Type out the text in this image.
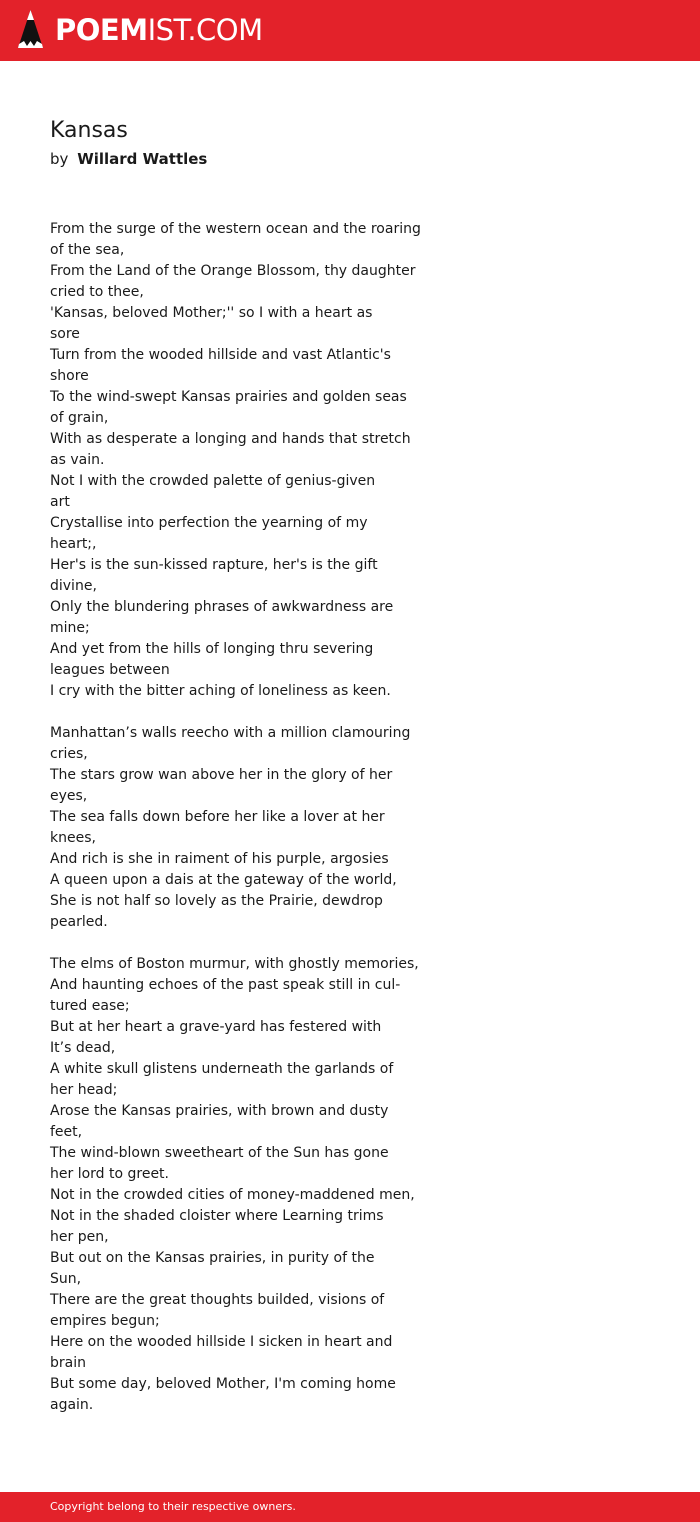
POEMIST.COM
Kansas
by Willard Wattles
From the surge of the western ocean and the roaring
of the sea,
From the Land of the Orange Blossom, thy daughter
cried to thee,
'Kansas, beloved Mother;'' so I with a heart as
sore
Turn from the wooded hillside and vast Atlantic's
shore
To the wind-swept Kansas prairies and golden seas
of grain,
With as desperate a longing and hands that stretch
as vain.
Not I with the crowded palette of genius-given
art
Crystallise into perfection the yearning of my
heart;,
Her's is the sun-kissed rapture, her's is the gift
divine,
Only the blundering phrases of awkwardness are
mine;
And yet from the hills of longing thru severing
leagues between
I cry with the bitter aching of loneliness as keen.
Manhattan’s walls reecho with a million clamouring
cries,
The stars grow wan above her in the glory of her
eyes,
The sea falls down before her like a lover at her
knees,
And rich is she in raiment of his purple, argosies
A queen upon a dais at the gateway of the world,
She is not half so lovely as the Prairie, dewdrop
pearled.
The elms of Boston murmur, with ghostly memories,
And haunting echoes of the past speak still in cul-
tured ease;
But at her heart a grave-yard has festered with
It’s dead,
A white skull glistens underneath the garlands of
her head;
Arose the Kansas prairies, with brown and dusty
feet,
The wind-blown sweetheart of the Sun has gone
her lord to greet.
Not in the crowded cities of money-maddened men,
Not in the shaded cloister where Learning trims
her pen,
But out on the Kansas prairies, in purity of the
Sun,
There are the great thoughts builded, visions of
empires begun;
Here on the wooded hillside I sicken in heart and
brain
But some day, beloved Mother, I'm coming home
again.
Copyright belong to their respective owners.
